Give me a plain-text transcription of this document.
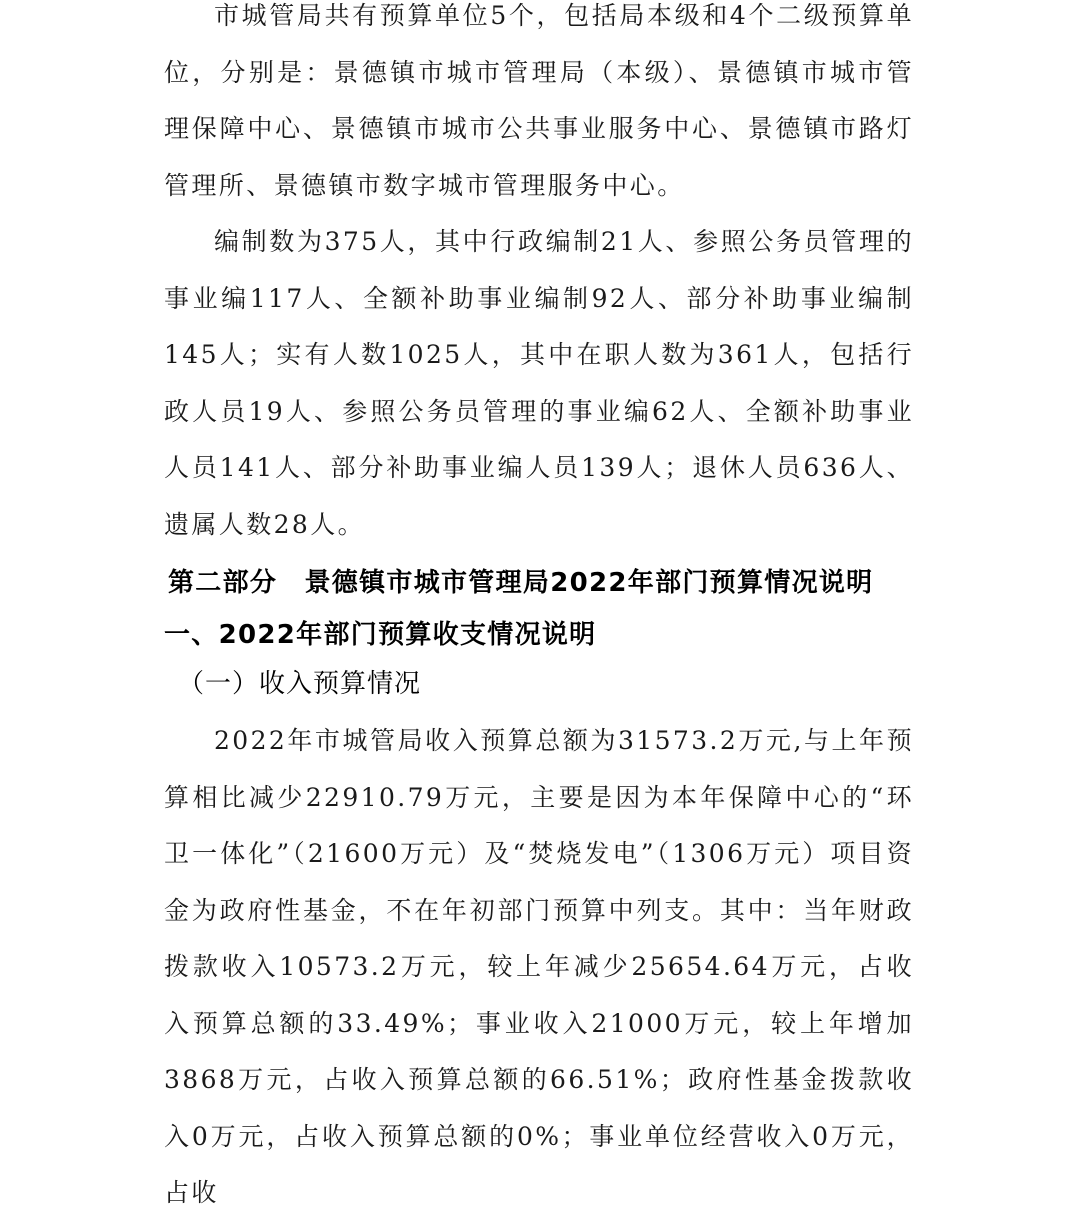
市城管局共有预算单位5个，包括局本级和4个二级预算单位，分别是：景德镇市城市管理局（本级）、景德镇市城市管理保障中心、景德镇市城市公共事业服务中心、景德镇市路灯管理所、景德镇市数字城市管理服务中心。

编制数为375人，其中行政编制21人、参照公务员管理的事业编117人、全额补助事业编制92人、部分补助事业编制145人；实有人数1025人，其中在职人数为361人，包括行政人员19人、参照公务员管理的事业编62人、全额补助事业人员141人、部分补助事业编人员139人；退休人员636人、遗属人数28人。

第二部分　景德镇市城市管理局2022年部门预算情况说明
一、2022年部门预算收支情况说明
（一）收入预算情况

2022年市城管局收入预算总额为31573.2万元,与上年预算相比减少22910.79万元，主要是因为本年保障中心的“环卫一体化”（21600万元）及“焚烧发电”（1306万元）项目资金为政府性基金，不在年初部门预算中列支。其中：当年财政拨款收入10573.2万元，较上年减少25654.64万元，占收入预算总额的33.49%；事业收入21000万元，较上年增加3868万元，占收入预算总额的66.51%；政府性基金拨款收入0万元，占收入预算总额的0%；事业单位经营收入0万元，占收
